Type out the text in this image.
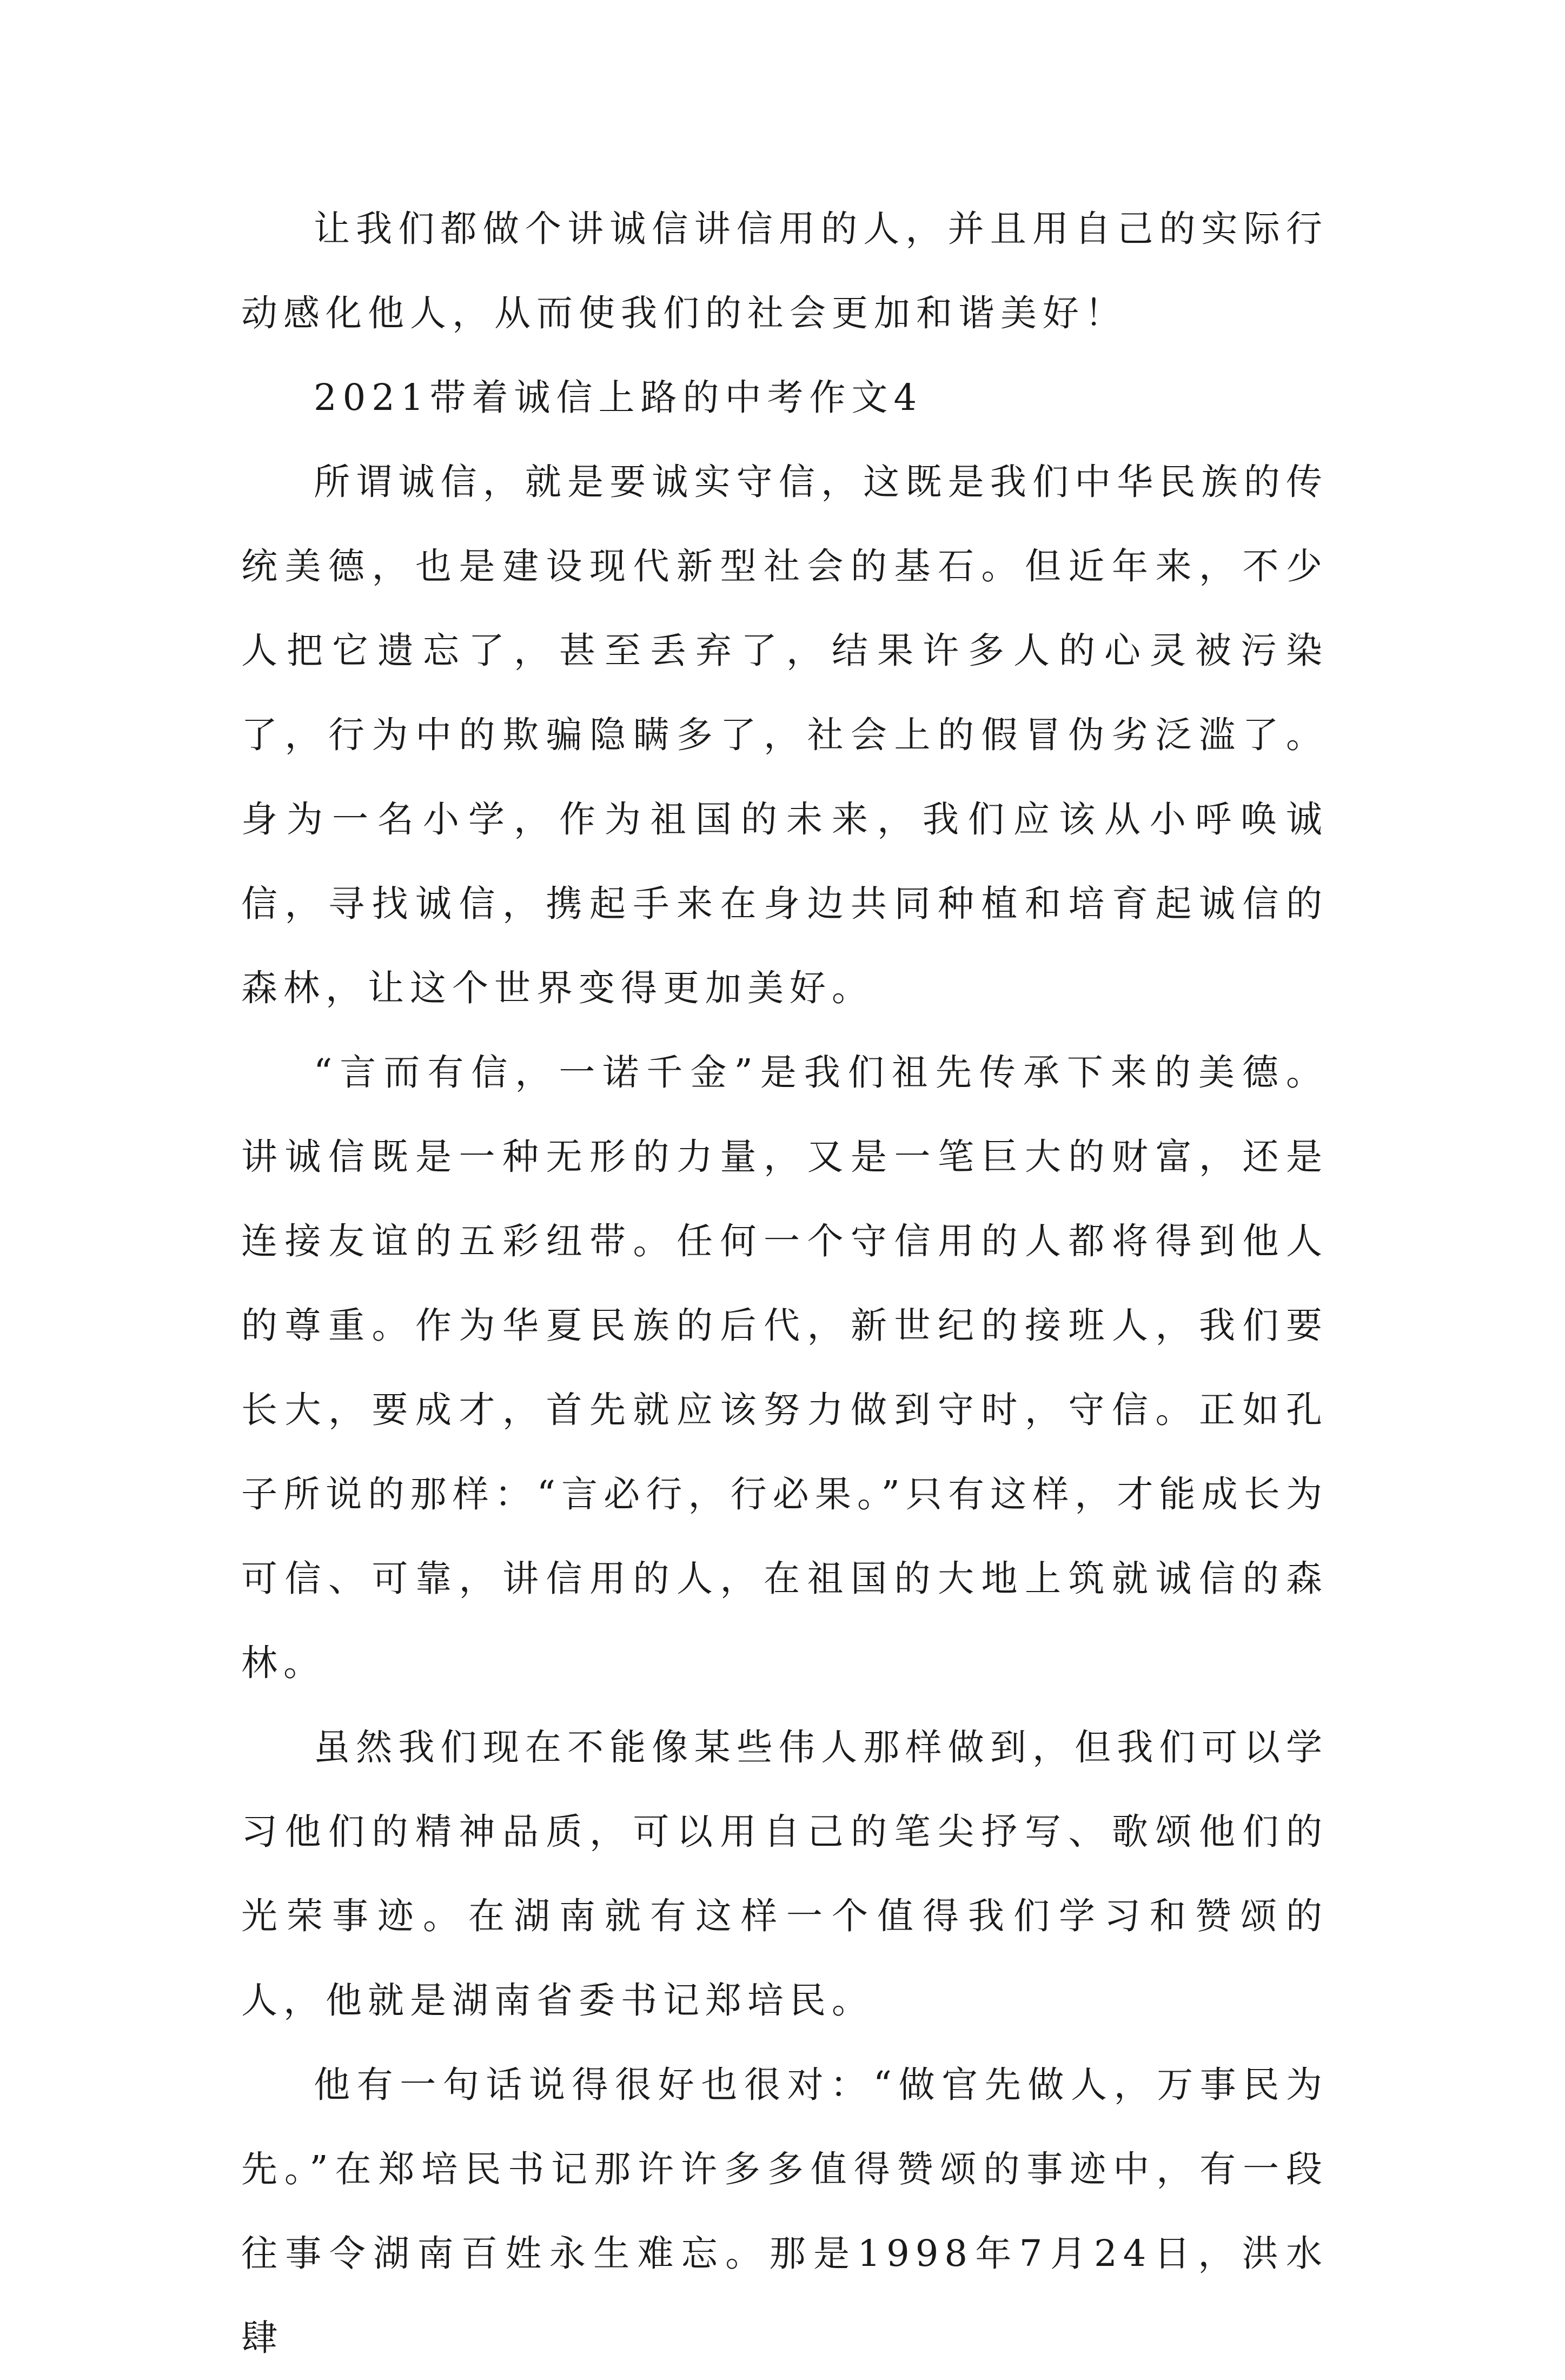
让我们都做个讲诚信讲信用的人，并且用自己的实际行动感化他人，从而使我们的社会更加和谐美好！

2021带着诚信上路的中考作文4

所谓诚信，就是要诚实守信，这既是我们中华民族的传统美德，也是建设现代新型社会的基石。但近年来，不少人把它遗忘了，甚至丢弃了，结果许多人的心灵被污染了，行为中的欺骗隐瞒多了，社会上的假冒伪劣泛滥了。身为一名小学，作为祖国的未来，我们应该从小呼唤诚信，寻找诚信，携起手来在身边共同种植和培育起诚信的森林，让这个世界变得更加美好。

“言而有信，一诺千金”是我们祖先传承下来的美德。讲诚信既是一种无形的力量，又是一笔巨大的财富，还是连接友谊的五彩纽带。任何一个守信用的人都将得到他人的尊重。作为华夏民族的后代，新世纪的接班人，我们要长大，要成才，首先就应该努力做到守时，守信。正如孔子所说的那样：“言必行，行必果。”只有这样，才能成长为可信、可靠，讲信用的人，在祖国的大地上筑就诚信的森林。

虽然我们现在不能像某些伟人那样做到，但我们可以学习他们的精神品质，可以用自己的笔尖抒写、歌颂他们的光荣事迹。在湖南就有这样一个值得我们学习和赞颂的人，他就是湖南省委书记郑培民。

他有一句话说得很好也很对：“做官先做人，万事民为先。”在郑培民书记那许许多多值得赞颂的事迹中，有一段往事令湖南百姓永生难忘。那是1998年7月24日，洪水肆
